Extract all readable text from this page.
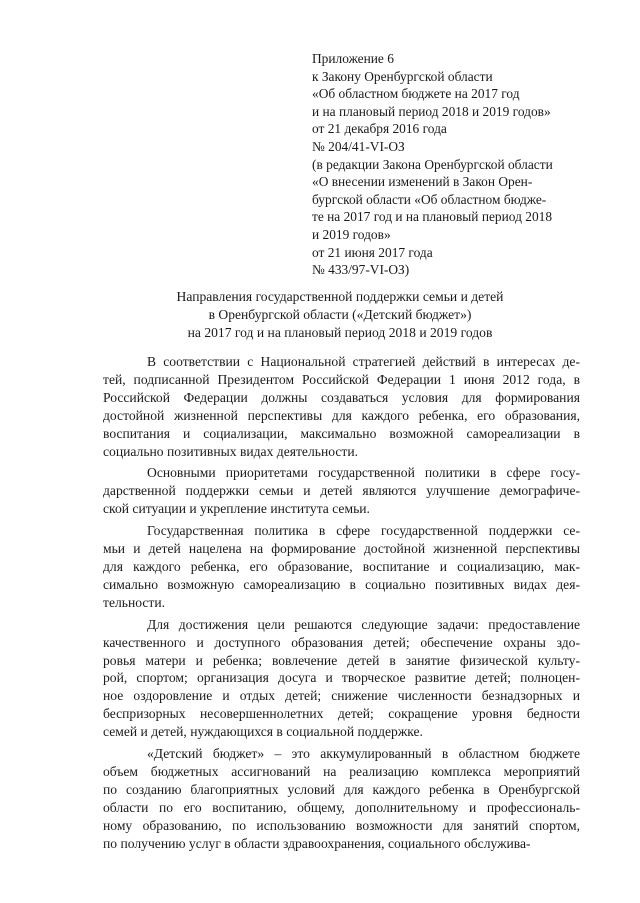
Приложение 6
к Закону Оренбургской области
«Об областном бюджете на 2017 год
и на плановый период 2018 и 2019 годов»
от 21 декабря 2016 года
№ 204/41-VI-ОЗ
(в редакции Закона Оренбургской области
«О внесении изменений в Закон Орен-
бургской области «Об областном бюдже-
те на 2017 год и на плановый период 2018
и 2019 годов»
от 21 июня 2017 года
№ 433/97-VI-ОЗ)
Направления государственной поддержки семьи и детей
в Оренбургской области («Детский бюджет»)
на 2017 год и на плановый период 2018 и 2019 годов
В соответствии с Национальной стратегией действий в интересах де-
тей, подписанной Президентом Российской Федерации 1 июня 2012 года, в
Российской Федерации должны создаваться условия для формирования
достойной жизненной перспективы для каждого ребенка, его образования,
воспитания и социализации, максимально возможной самореализации в
социально позитивных видах деятельности.
Основными приоритетами государственной политики в сфере госу-
дарственной поддержки семьи и детей являются улучшение демографиче-
ской ситуации и укрепление института семьи.
Государственная политика в сфере государственной поддержки се-
мьи и детей нацелена на формирование достойной жизненной перспективы
для каждого ребенка, его образование, воспитание и социализацию, мак-
симально возможную самореализацию в социально позитивных видах дея-
тельности.
Для достижения цели решаются следующие задачи: предоставление
качественного и доступного образования детей; обеспечение охраны здо-
ровья матери и ребенка; вовлечение детей в занятие физической культу-
рой, спортом; организация досуга и творческое развитие детей; полноцен-
ное оздоровление и отдых детей; снижение численности безнадзорных и
беспризорных несовершеннолетних детей; сокращение уровня бедности
семей и детей, нуждающихся в социальной поддержке.
«Детский бюджет» – это аккумулированный в областном бюджете
объем бюджетных ассигнований на реализацию комплекса мероприятий
по созданию благоприятных условий для каждого ребенка в Оренбургской
области по его воспитанию, общему, дополнительному и профессиональ-
ному образованию, по использованию возможности для занятий спортом,
по получению услуг в области здравоохранения, социального обслужива-
